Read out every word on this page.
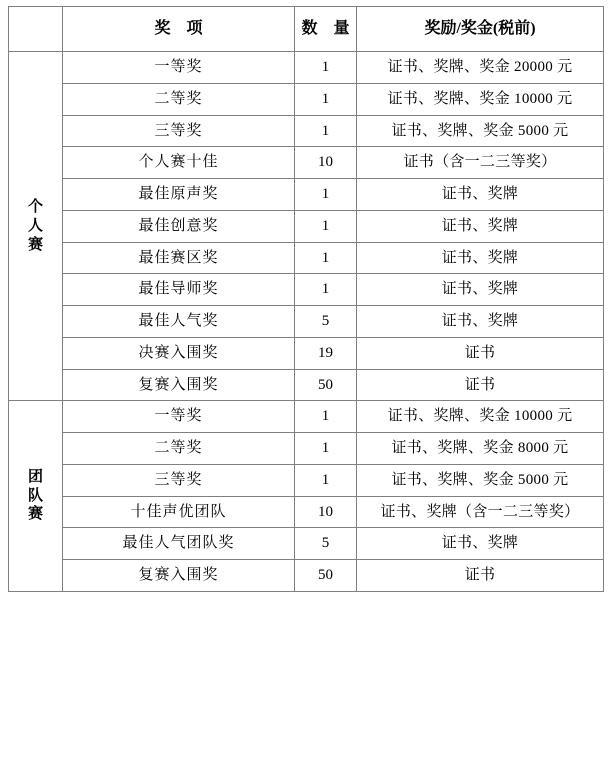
	奖　项	数　量	奖励/奖金(税前)

个人赛	一等奖	1	证书、奖牌、奖金 20000 元
	二等奖	1	证书、奖牌、奖金 10000 元
	三等奖	1	证书、奖牌、奖金 5000 元
	个人赛十佳	10	证书（含一二三等奖）
	最佳原声奖	1	证书、奖牌
	最佳创意奖	1	证书、奖牌
	最佳赛区奖	1	证书、奖牌
	最佳导师奖	1	证书、奖牌
	最佳人气奖	5	证书、奖牌
	决赛入围奖	19	证书
	复赛入围奖	50	证书

团队赛	一等奖	1	证书、奖牌、奖金 10000 元
	二等奖	1	证书、奖牌、奖金 8000 元
	三等奖	1	证书、奖牌、奖金 5000 元
	十佳声优团队	10	证书、奖牌（含一二三等奖）
	最佳人气团队奖	5	证书、奖牌
	复赛入围奖	50	证书
